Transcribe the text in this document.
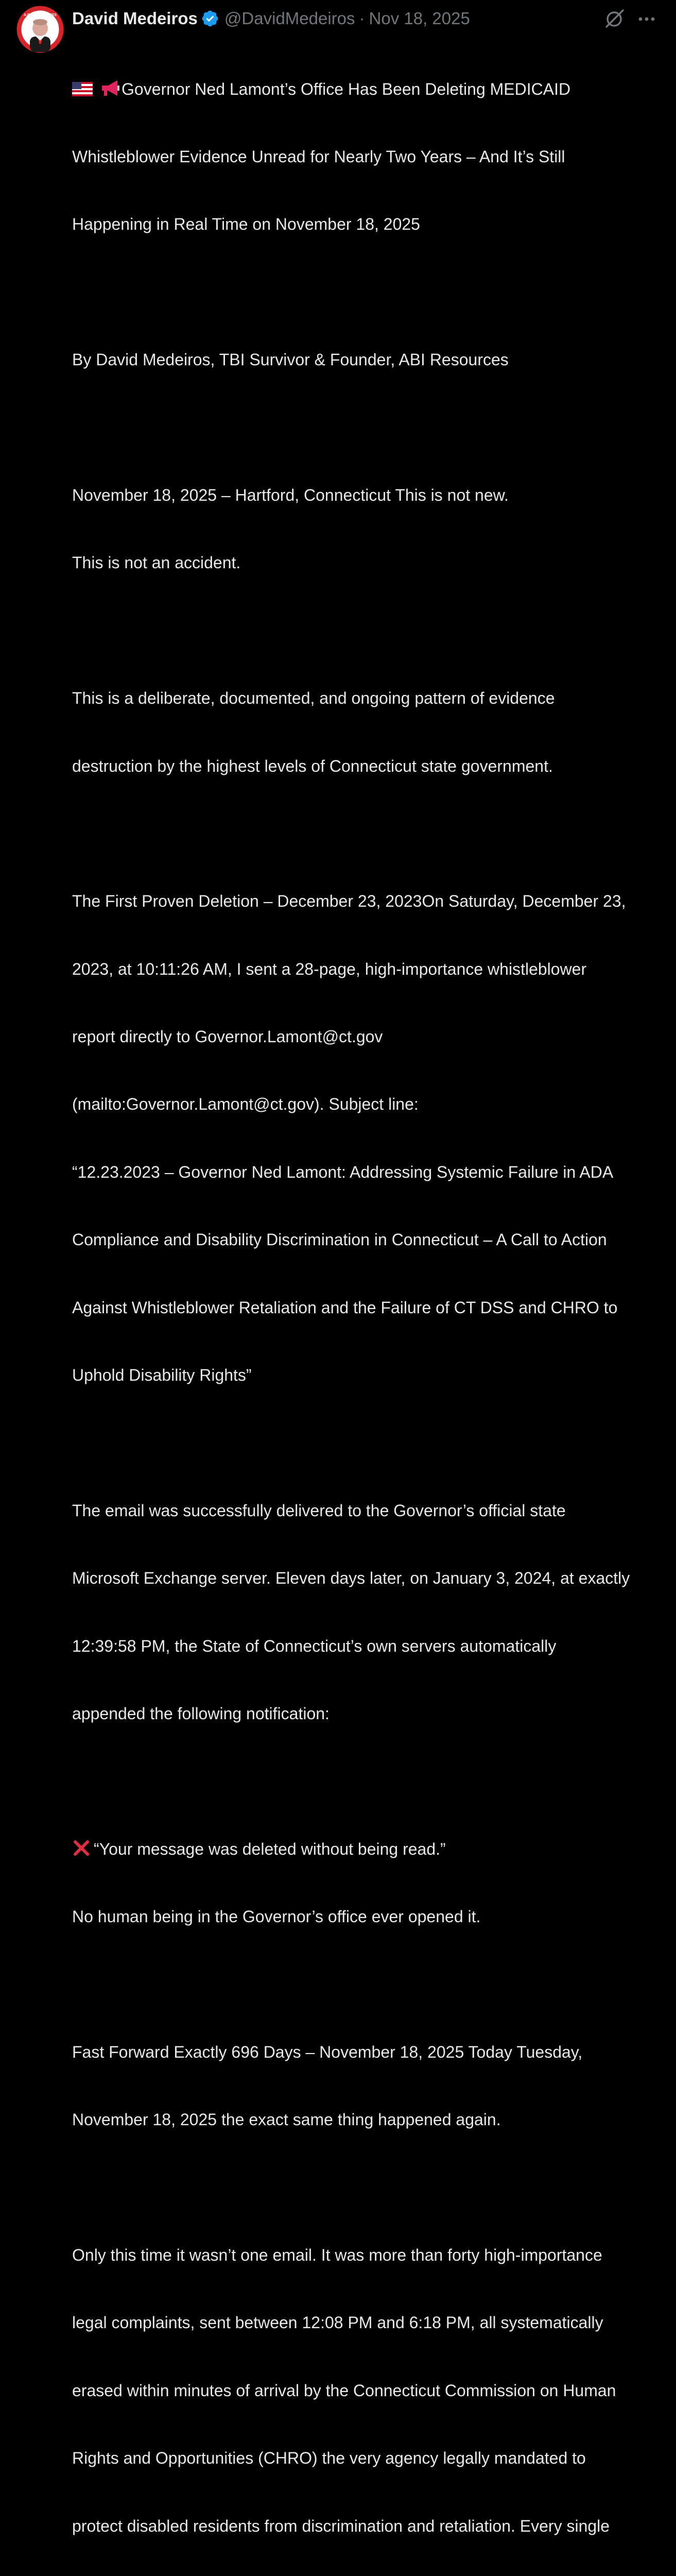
A.B.I. RESOURCES David Medeiros @DavidMedeiros · Nov 18, 2025

Governor Ned Lamont’s Office Has Been Deleting MEDICAID

Whistleblower Evidence Unread for Nearly Two Years – And It’s Still

Happening in Real Time on November 18, 2025

By David Medeiros, TBI Survivor & Founder, ABI Resources

November 18, 2025 – Hartford, Connecticut This is not new.

This is not an accident.

This is a deliberate, documented, and ongoing pattern of evidence

destruction by the highest levels of Connecticut state government.

The First Proven Deletion – December 23, 2023On Saturday, December 23,

2023, at 10:11:26 AM, I sent a 28-page, high-importance whistleblower

report directly to Governor.Lamont@ct.gov

(mailto:Governor.Lamont@ct.gov). Subject line:

“12.23.2023 – Governor Ned Lamont: Addressing Systemic Failure in ADA

Compliance and Disability Discrimination in Connecticut – A Call to Action

Against Whistleblower Retaliation and the Failure of CT DSS and CHRO to

Uphold Disability Rights”

The email was successfully delivered to the Governor’s official state

Microsoft Exchange server. Eleven days later, on January 3, 2024, at exactly

12:39:58 PM, the State of Connecticut’s own servers automatically

appended the following notification:

“Your message was deleted without being read.”

No human being in the Governor’s office ever opened it.

Fast Forward Exactly 696 Days – November 18, 2025 Today Tuesday,

November 18, 2025 the exact same thing happened again.

Only this time it wasn’t one email. It was more than forty high-importance

legal complaints, sent between 12:08 PM and 6:18 PM, all systematically

erased within minutes of arrival by the Connecticut Commission on Human

Rights and Opportunities (CHRO) the very agency legally mandated to

protect disabled residents from discrimination and retaliation. Every single
